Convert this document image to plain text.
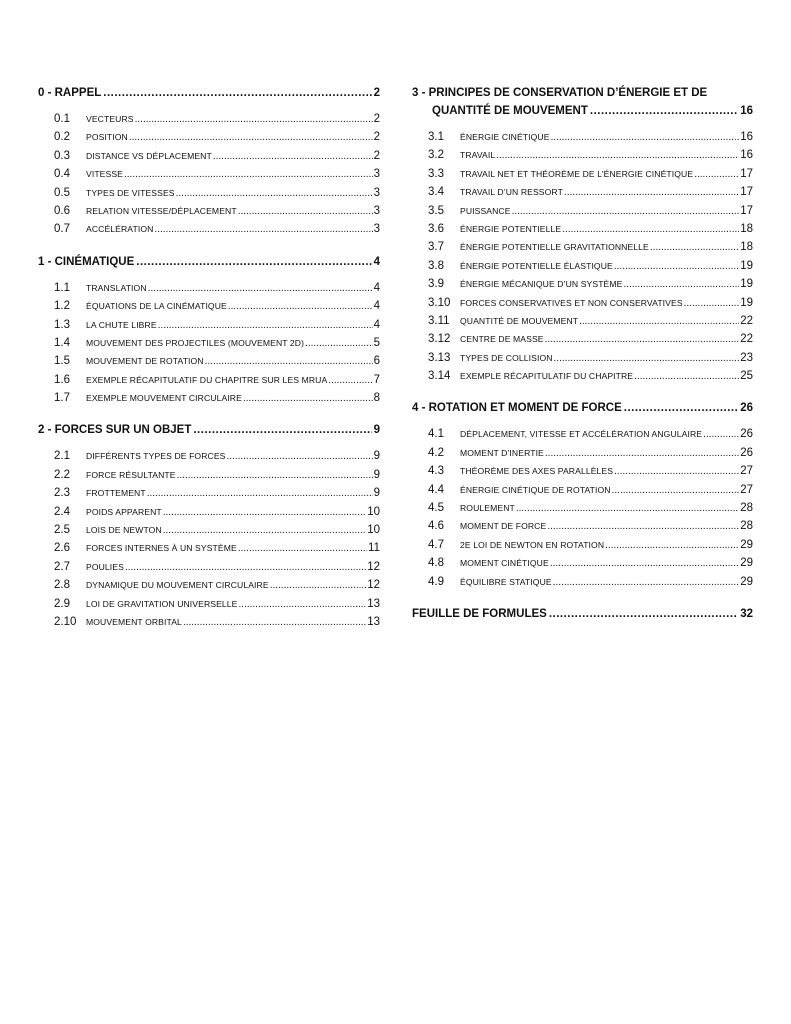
0 - RAPPEL .....	2
0.1	VECTEURS .....	2
0.2	POSITION .....	2
0.3	DISTANCE VS DÉPLACEMENT .....	2
0.4	VITESSE .....	3
0.5	TYPES DE VITESSES .....	3
0.6	RELATION VITESSE/DÉPLACEMENT .....	3
0.7	ACCÉLÉRATION .....	3
1 - CINÉMATIQUE .....	4
1.1	TRANSLATION .....	4
1.2	ÉQUATIONS DE LA CINÉMATIQUE .....	4
1.3	LA CHUTE LIBRE .....	4
1.4	MOUVEMENT DES PROJECTILES (MOUVEMENT 2D) .....	5
1.5	MOUVEMENT DE ROTATION .....	6
1.6	EXEMPLE RÉCAPITULATIF DU CHAPITRE SUR LES MRUA .....	7
1.7	EXEMPLE MOUVEMENT CIRCULAIRE .....	8
2 - FORCES SUR UN OBJET .....	9
2.1	DIFFÉRENTS TYPES DE FORCES .....	9
2.2	FORCE RÉSULTANTE .....	9
2.3	FROTTEMENT .....	9
2.4	POIDS APPARENT .....	10
2.5	LOIS DE NEWTON .....	10
2.6	FORCES INTERNES À UN SYSTÈME .....	11
2.7	POULIES .....	12
2.8	DYNAMIQUE DU MOUVEMENT CIRCULAIRE .....	12
2.9	LOI DE GRAVITATION UNIVERSELLE .....	13
2.10	MOUVEMENT ORBITAL .....	13
3 - PRINCIPES DE CONSERVATION D’ÉNERGIE ET DE
QUANTITÉ DE MOUVEMENT .....	16
3.1	ÉNERGIE CINÉTIQUE .....	16
3.2	TRAVAIL .....	16
3.3	TRAVAIL NET ET THÉORÈME DE L’ÉNERGIE CINÉTIQUE .....	17
3.4	TRAVAIL D’UN RESSORT .....	17
3.5	PUISSANCE .....	17
3.6	ÉNERGIE POTENTIELLE .....	18
3.7	ÉNERGIE POTENTIELLE GRAVITATIONNELLE .....	18
3.8	ÉNERGIE POTENTIELLE ÉLASTIQUE .....	19
3.9	ÉNERGIE MÉCANIQUE D’UN SYSTÈME .....	19
3.10	FORCES CONSERVATIVES ET NON CONSERVATIVES .....	19
3.11	QUANTITÉ DE MOUVEMENT .....	22
3.12	CENTRE DE MASSE .....	22
3.13	TYPES DE COLLISION .....	23
3.14	EXEMPLE RÉCAPITULATIF DU CHAPITRE .....	25
4 - ROTATION ET MOMENT DE FORCE .....	26
4.1	DÉPLACEMENT, VITESSE ET ACCÉLÉRATION ANGULAIRE .....	26
4.2	MOMENT D’INERTIE .....	26
4.3	THÉORÈME DES AXES PARALLÈLES .....	27
4.4	ÉNERGIE CINÉTIQUE DE ROTATION .....	27
4.5	ROULEMENT .....	28
4.6	MOMENT DE FORCE .....	28
4.7	2E LOI DE NEWTON EN ROTATION .....	29
4.8	MOMENT CINÉTIQUE .....	29
4.9	ÉQUILIBRE STATIQUE .....	29
FEUILLE DE FORMULES .....	32
